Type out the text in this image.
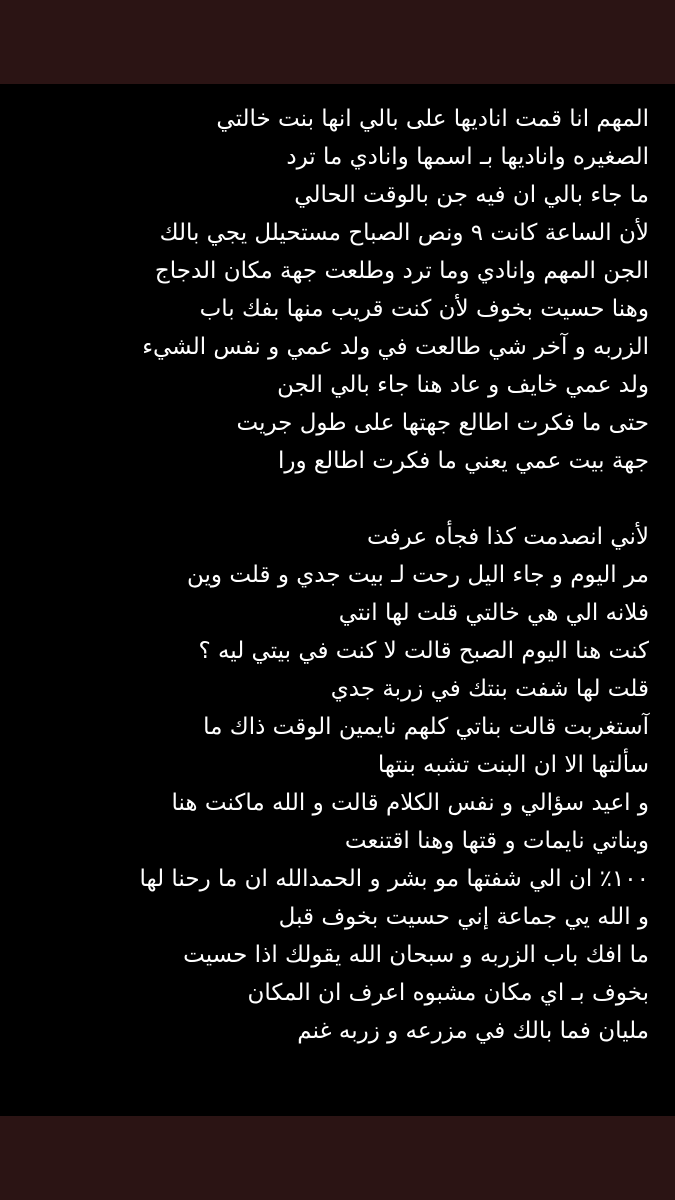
المهم انا قمت اناديها على بالي انها بنت خالتي
الصغيره واناديها بـ اسمها وانادي ما ترد
ما جاء بالي ان فيه جن بالوقت الحالي
لأن الساعة كانت ٩ ونص الصباح مستحيلل يجي بالك
الجن المهم وانادي وما ترد وطلعت جهة مكان الدجاج
وهنا حسيت بخوف لأن كنت قريب منها بفك باب
الزربه و آخر شي طالعت في ولد عمي و نفس الشيء
ولد عمي خايف و عاد هنا جاء بالي الجن
حتى ما فكرت اطالع جهتها على طول جريت
جهة بيت عمي يعني ما فكرت اطالع ورا
لأني انصدمت كذا فجأه عرفت
مر اليوم و جاء اليل رحت لـ بيت جدي و قلت وين
فلانه الي هي خالتي قلت لها انتي
كنت هنا اليوم الصبح قالت لا كنت في بيتي ليه ؟
قلت لها شفت بنتك في زربة جدي
آستغربت قالت بناتي كلهم نايمين الوقت ذاك ما
سألتها الا ان البنت تشبه بنتها
و اعيد سؤالي و نفس الكلام قالت و الله ماكنت هنا
وبناتي نايمات و قتها وهنا اقتنعت
١٠٠٪ ان الي شفتها مو بشر و الحمدالله ان ما رحنا لها
و الله يي جماعة إني حسيت بخوف قبل
ما افك باب الزربه و سبحان الله يقولك اذا حسيت
بخوف بـ اي مكان مشبوه اعرف ان المكان
مليان فما بالك في مزرعه و زربه غنم
